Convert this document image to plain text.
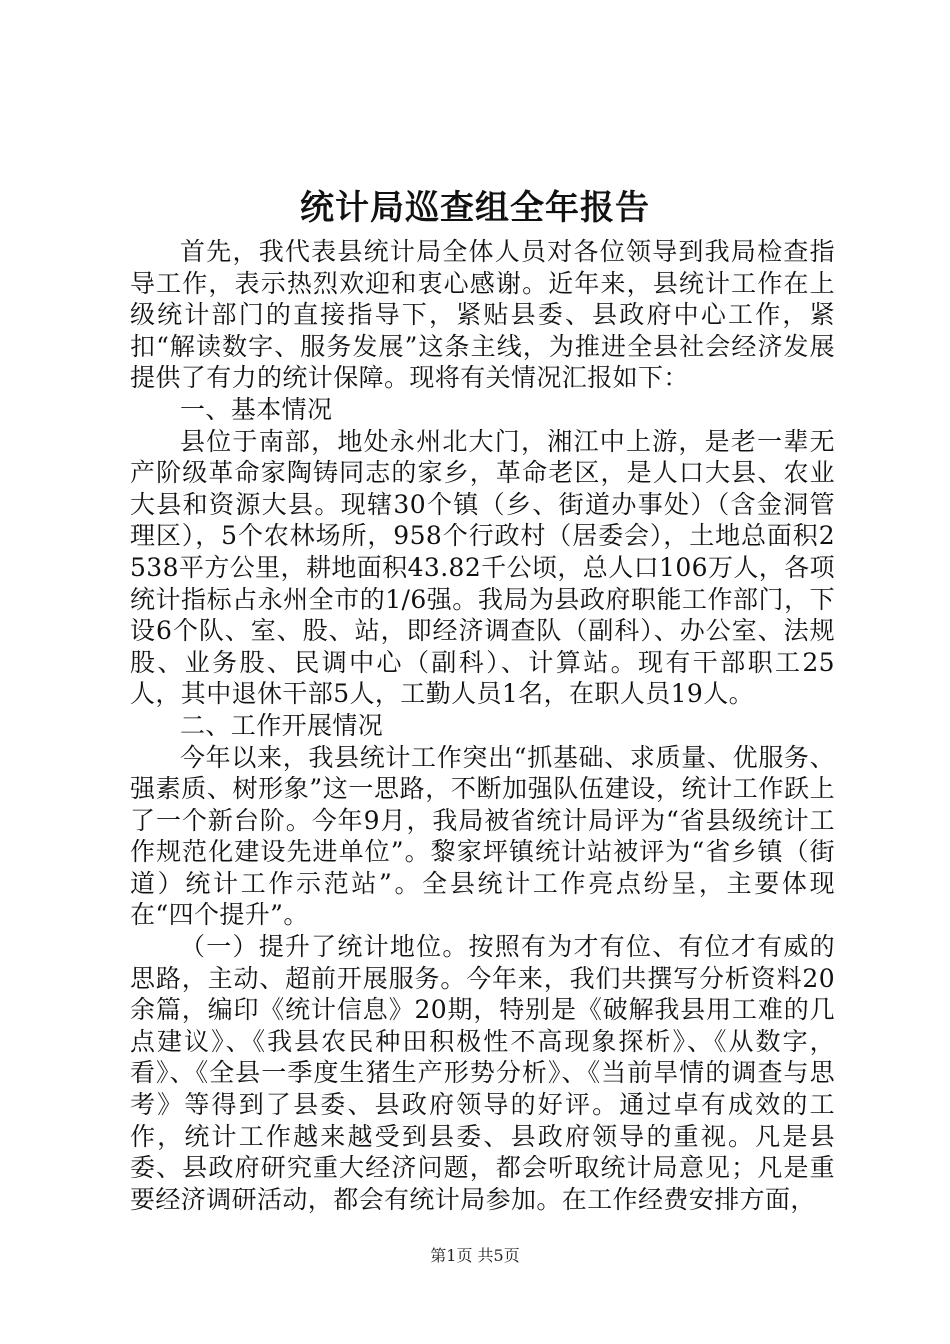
统计局巡查组全年报告

首先，我代表县统计局全体人员对各位领导到我局检查指导工作，表示热烈欢迎和衷心感谢。近年来，县统计工作在上级统计部门的直接指导下，紧贴县委、县政府中心工作，紧扣“解读数字、服务发展”这条主线，为推进全县社会经济发展提供了有力的统计保障。现将有关情况汇报如下：

一、基本情况

县位于南部，地处永州北大门，湘江中上游，是老一辈无产阶级革命家陶铸同志的家乡，革命老区，是人口大县、农业大县和资源大县。现辖30个镇（乡、街道办事处）（含金洞管理区），5个农林场所，958个行政村（居委会），土地总面积2538平方公里，耕地面积43.82千公顷，总人口106万人，各项统计指标占永州全市的1/6强。我局为县政府职能工作部门，下设6个队、室、股、站，即经济调查队（副科）、办公室、法规股、业务股、民调中心（副科）、计算站。现有干部职工25人，其中退休干部5人，工勤人员1名，在职人员19人。

二、工作开展情况

今年以来，我县统计工作突出“抓基础、求质量、优服务、强素质、树形象”这一思路，不断加强队伍建设，统计工作跃上了一个新台阶。今年9月，我局被省统计局评为“省县级统计工作规范化建设先进单位”。黎家坪镇统计站被评为“省乡镇（街道）统计工作示范站”。全县统计工作亮点纷呈，主要体现在“四个提升”。

（一）提升了统计地位。按照有为才有位、有位才有威的思路，主动、超前开展服务。今年来，我们共撰写分析资料20余篇，编印《统计信息》20期，特别是《破解我县用工难的几点建议》、《我县农民种田积极性不高现象探析》、《从数字，看》、《全县一季度生猪生产形势分析》、《当前旱情的调查与思考》等得到了县委、县政府领导的好评。通过卓有成效的工作，统计工作越来越受到县委、县政府领导的重视。凡是县委、县政府研究重大经济问题，都会听取统计局意见；凡是重要经济调研活动，都会有统计局参加。在工作经费安排方面，

第1页 共5页
